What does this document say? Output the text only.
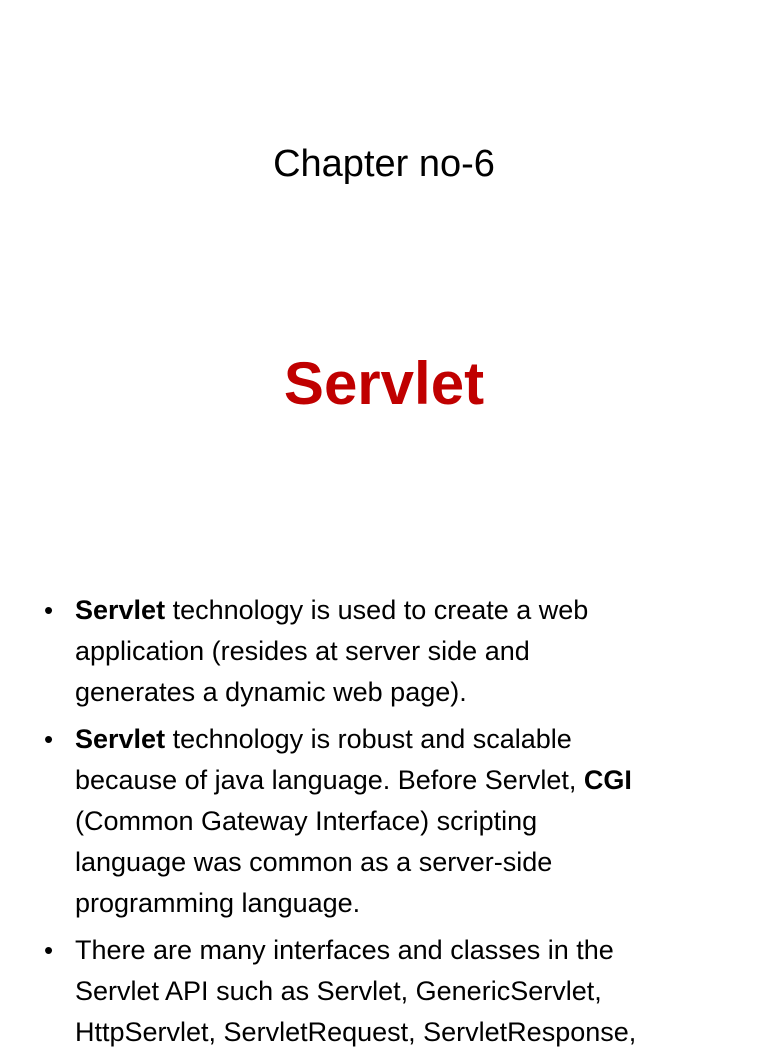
Chapter no-6
Servlet
• Servlet technology is used to create a web
application (resides at server side and
generates a dynamic web page).
• Servlet technology is robust and scalable
because of java language. Before Servlet, CGI
(Common Gateway Interface) scripting
language was common as a server-side
programming language.
• There are many interfaces and classes in the
Servlet API such as Servlet, GenericServlet,
HttpServlet, ServletRequest, ServletResponse,
